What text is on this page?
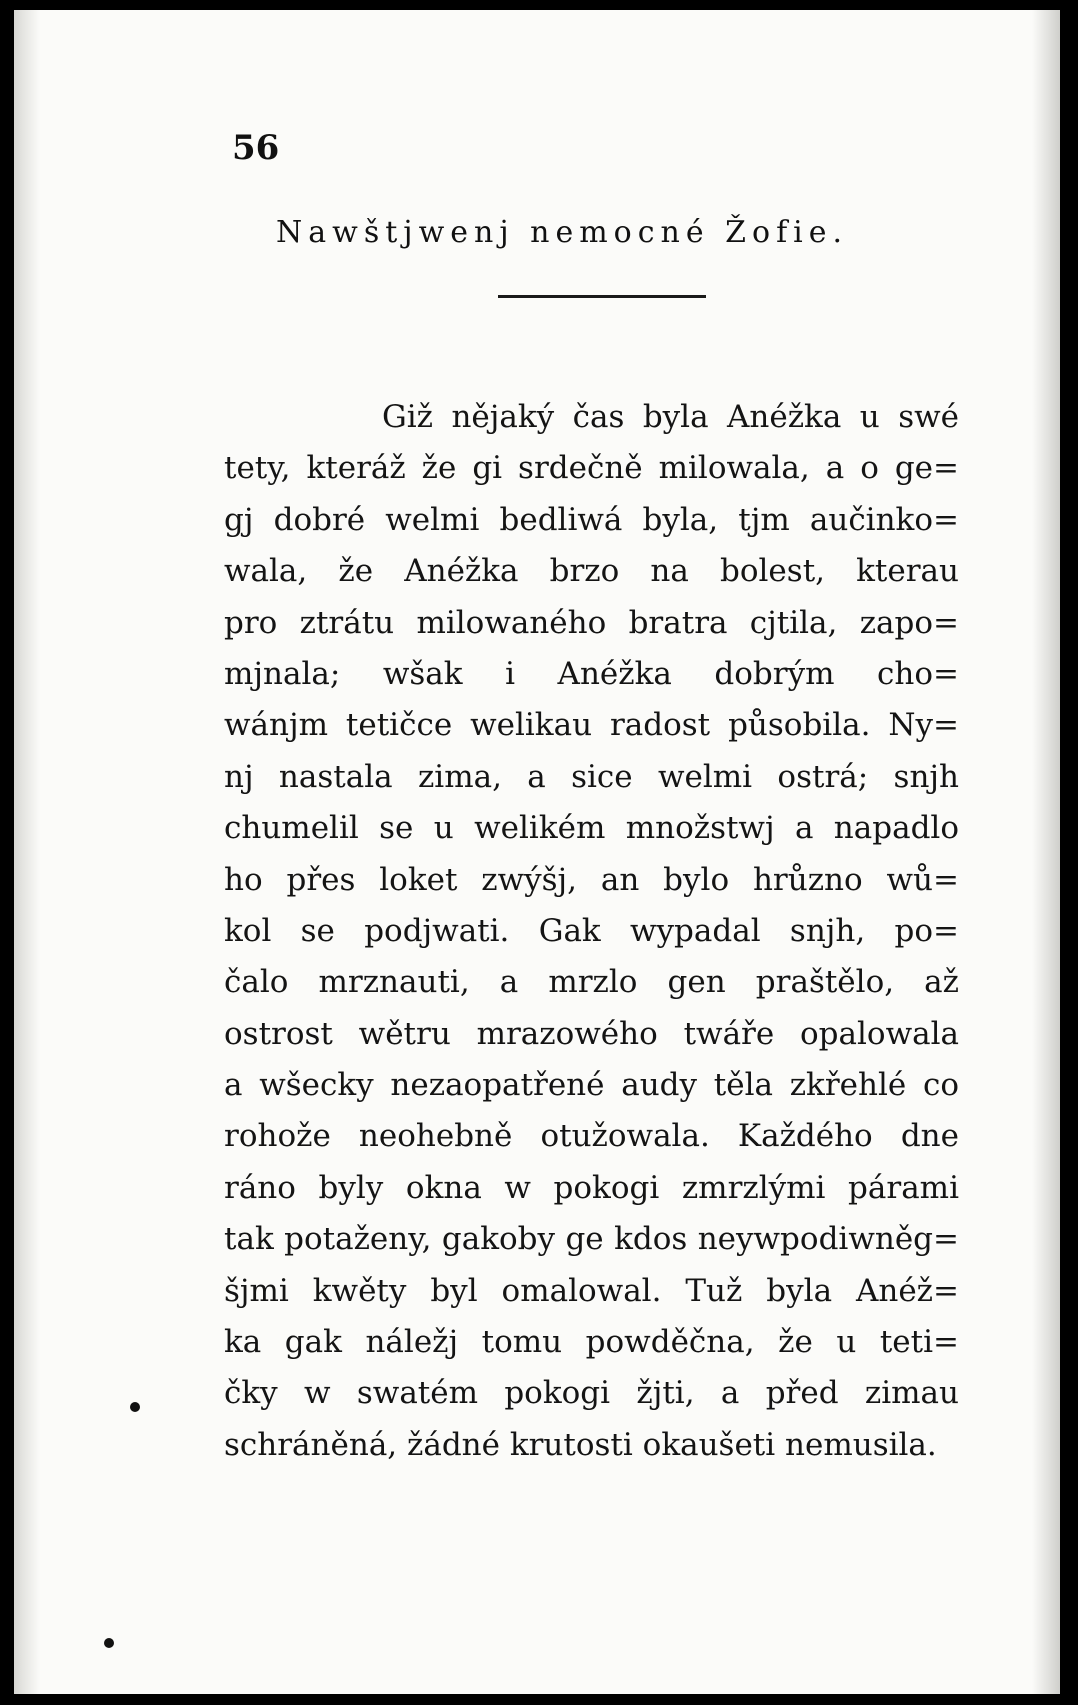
56
Nawštjwenj nemocné Žofie.
Giž nějaký čas byla Anéžka u swé
tety, kteráž že gi srdečně milowala, a o ge=
gj dobré welmi bedliwá byla, tjm aučinko=
wala, že Anéžka brzo na bolest, kterau
pro ztrátu milowaného bratra cjtila, zapo=
mjnala; wšak i Anéžka dobrým cho=
wánjm tetičce welikau radost působila. Ny=
nj nastala zima, a sice welmi ostrá; snjh
chumelil se u welikém množstwj a napadlo
ho přes loket zwýšj, an bylo hrůzno wů=
kol se podjwati. Gak wypadal snjh, po=
čalo mrznauti, a mrzlo gen praštělo, až
ostrost wětru mrazowého twáře opalowala
a wšecky nezaopatřené audy těla zkřehlé co
rohože neohebně otužowala. Každého dne
ráno byly okna w pokogi zmrzlými párami
tak potaženy, gakoby ge kdos neywpodiwněg=
šjmi kwěty byl omalowal. Tuž byla Anéž=
ka gak náležj tomu powděčna, že u teti=
čky w swatém pokogi žjti, a před zimau
schráněná, žádné krutosti okaušeti nemusila.
